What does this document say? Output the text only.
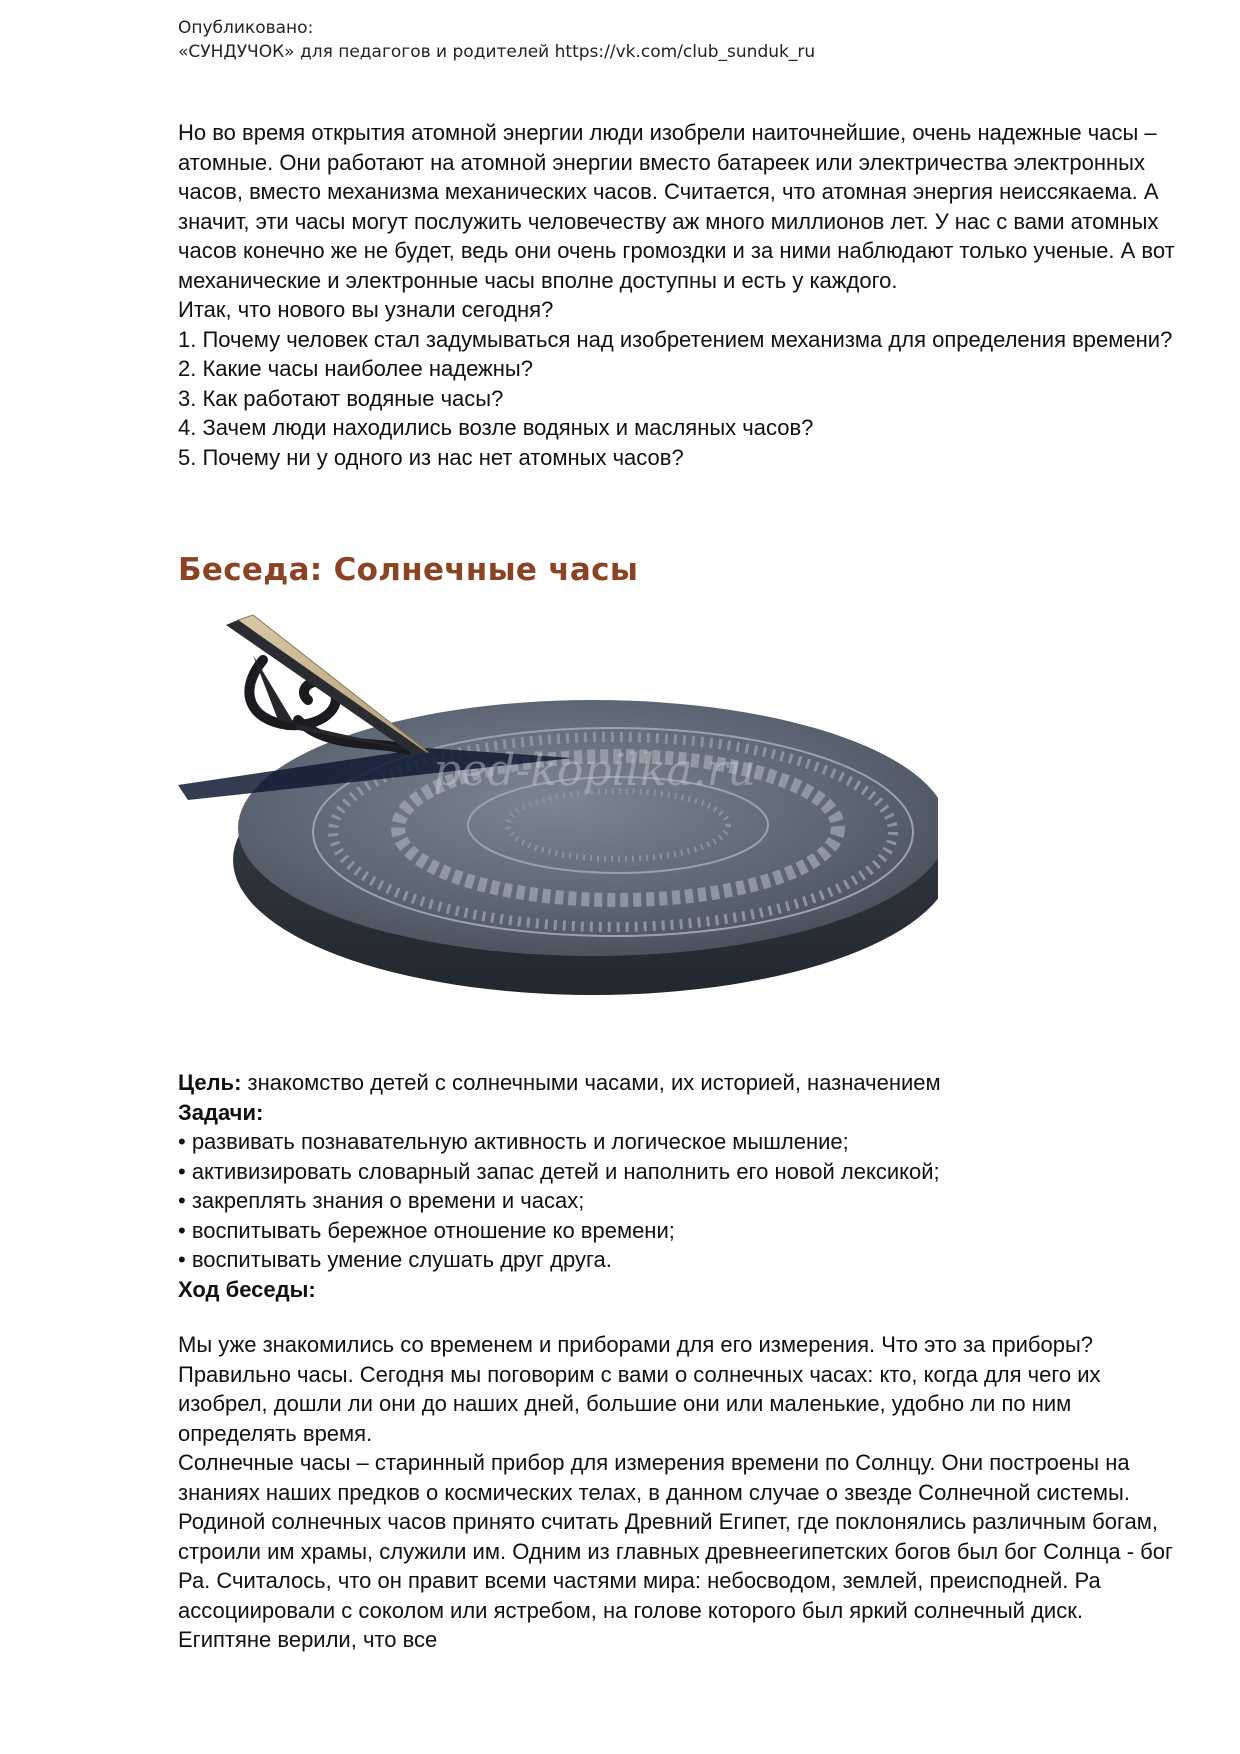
Опубликовано:
«СУНДУЧОК» для педагогов и родителей https://vk.com/club_sunduk_ru

Но во время открытия атомной энергии люди изобрели наиточнейшие, очень надежные часы – атомные. Они работают на атомной энергии вместо батареек или электричества электронных часов, вместо механизма механических часов. Считается, что атомная энергия неиссякаема. А значит, эти часы могут послужить человечеству аж много миллионов лет. У нас с вами атомных часов конечно же не будет, ведь они очень громоздки и за ними наблюдают только ученые. А вот механические и электронные часы вполне доступны и есть у каждого.

Итак, что нового вы узнали сегодня?

1. Почему человек стал задумываться над изобретением механизма для определения времени?

2. Какие часы наиболее надежны?

3. Как работают водяные часы?

4. Зачем люди находились возле водяных и масляных часов?

5. Почему ни у одного из нас нет атомных часов?

Беседа: Солнечные часы
ped-kopilka.ru

Цель: знакомство детей с солнечными часами, их историей, назначением

Задачи:

• развивать познавательную активность и логическое мышление;

• активизировать словарный запас детей и наполнить его новой лексикой;

• закреплять знания о времени и часах;

• воспитывать бережное отношение ко времени;

• воспитывать умение слушать друг друга.

Ход беседы:

Мы уже знакомились со временем и приборами для его измерения. Что это за приборы? Правильно часы. Сегодня мы поговорим с вами о солнечных часах: кто, когда для чего их изобрел, дошли ли они до наших дней, большие они или маленькие, удобно ли по ним определять время.

Солнечные часы – старинный прибор для измерения времени по Солнцу. Они построены на знаниях наших предков о космических телах, в данном случае о звезде Солнечной системы. Родиной солнечных часов принято считать Древний Египет, где поклонялись различным богам, строили им храмы, служили им. Одним из главных древнеегипетских богов был бог Солнца - бог Ра. Считалось, что он правит всеми частями мира: небосводом, землей, преисподней. Ра ассоциировали с соколом или ястребом, на голове которого был яркий солнечный диск. Египтяне верили, что все
